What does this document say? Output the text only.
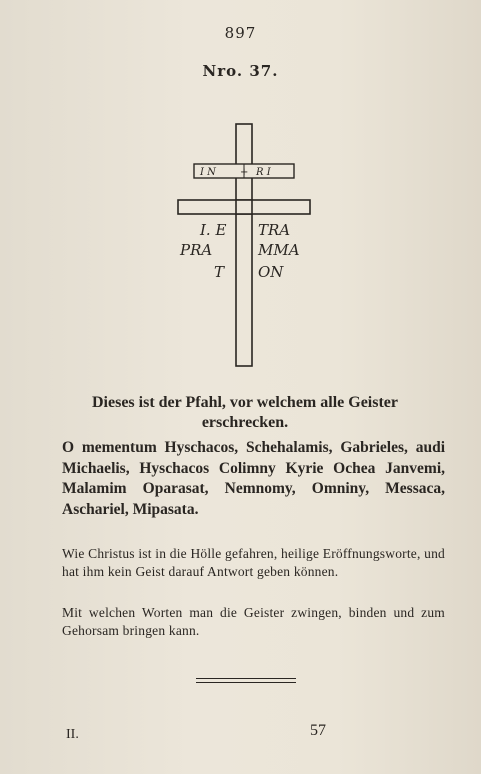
897
Nro. 37.
I N + R I
I. E
PRA
T
TRA
MMA
ON
Dieses ist der Pfahl, vor welchem alle Geister erschrecken.
O mementum Hyschacos, Schehalamis, Gabrieles, audi Michaelis, Hyschacos Colimny Kyrie Ochea Janvemi, Malamim Oparasat, Nemnomy, Omniny, Messaca, Aschariel, Mipasata.
Wie Christus ist in die Hölle gefahren, heilige Eröffnungsworte, und hat ihm kein Geist darauf Antwort geben können.
Mit welchen Worten man die Geister zwingen, binden und zum Gehorsam bringen kann.
II.	57
